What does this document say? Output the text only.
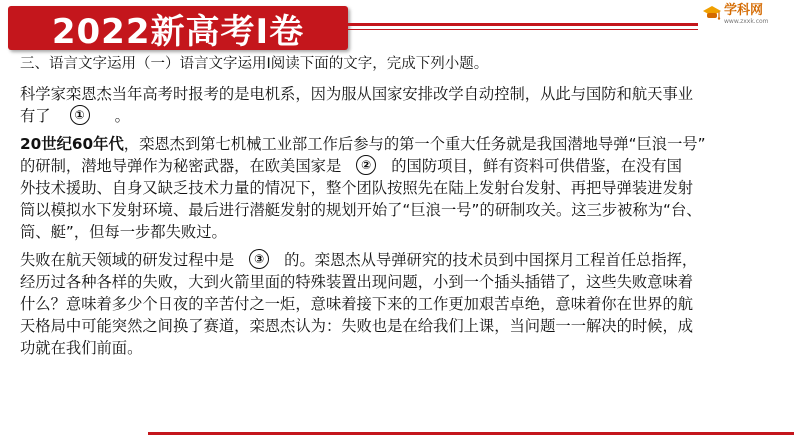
2022新高考Ⅰ卷
学科网
www.zxxk.com
三、语言文字运用（一）语言文字运用Ⅰ阅读下面的文字，完成下列小题。
科学家栾恩杰当年高考时报考的是电机系，因为服从国家安排改学自动控制，从此与国防和航天事业
有了 ① 。
20世纪60年代，栾恩杰到第七机械工业部工作后参与的第一个重大任务就是我国潜地导弹“巨浪一号”
的研制，潜地导弹作为秘密武器，在欧美国家是 ② 的国防项目，鲜有资料可供借鉴，在没有国
外技术援助、自身又缺乏技术力量的情况下，整个团队按照先在陆上发射台发射、再把导弹装进发射
筒以模拟水下发射环境、最后进行潜艇发射的规划开始了“巨浪一号”的研制攻关。这三步被称为“台、
筒、艇”，但每一步都失败过。
失败在航天领域的研发过程中是 ③ 的。栾恩杰从导弹研究的技术员到中国探月工程首任总指挥，
经历过各种各样的失败，大到火箭里面的特殊装置出现问题，小到一个插头插错了，这些失败意味着
什么？意味着多少个日夜的辛苦付之一炬，意味着接下来的工作更加艰苦卓绝，意味着你在世界的航
天格局中可能突然之间换了赛道，栾恩杰认为：失败也是在给我们上课，当问题一一解决的时候，成
功就在我们前面。
